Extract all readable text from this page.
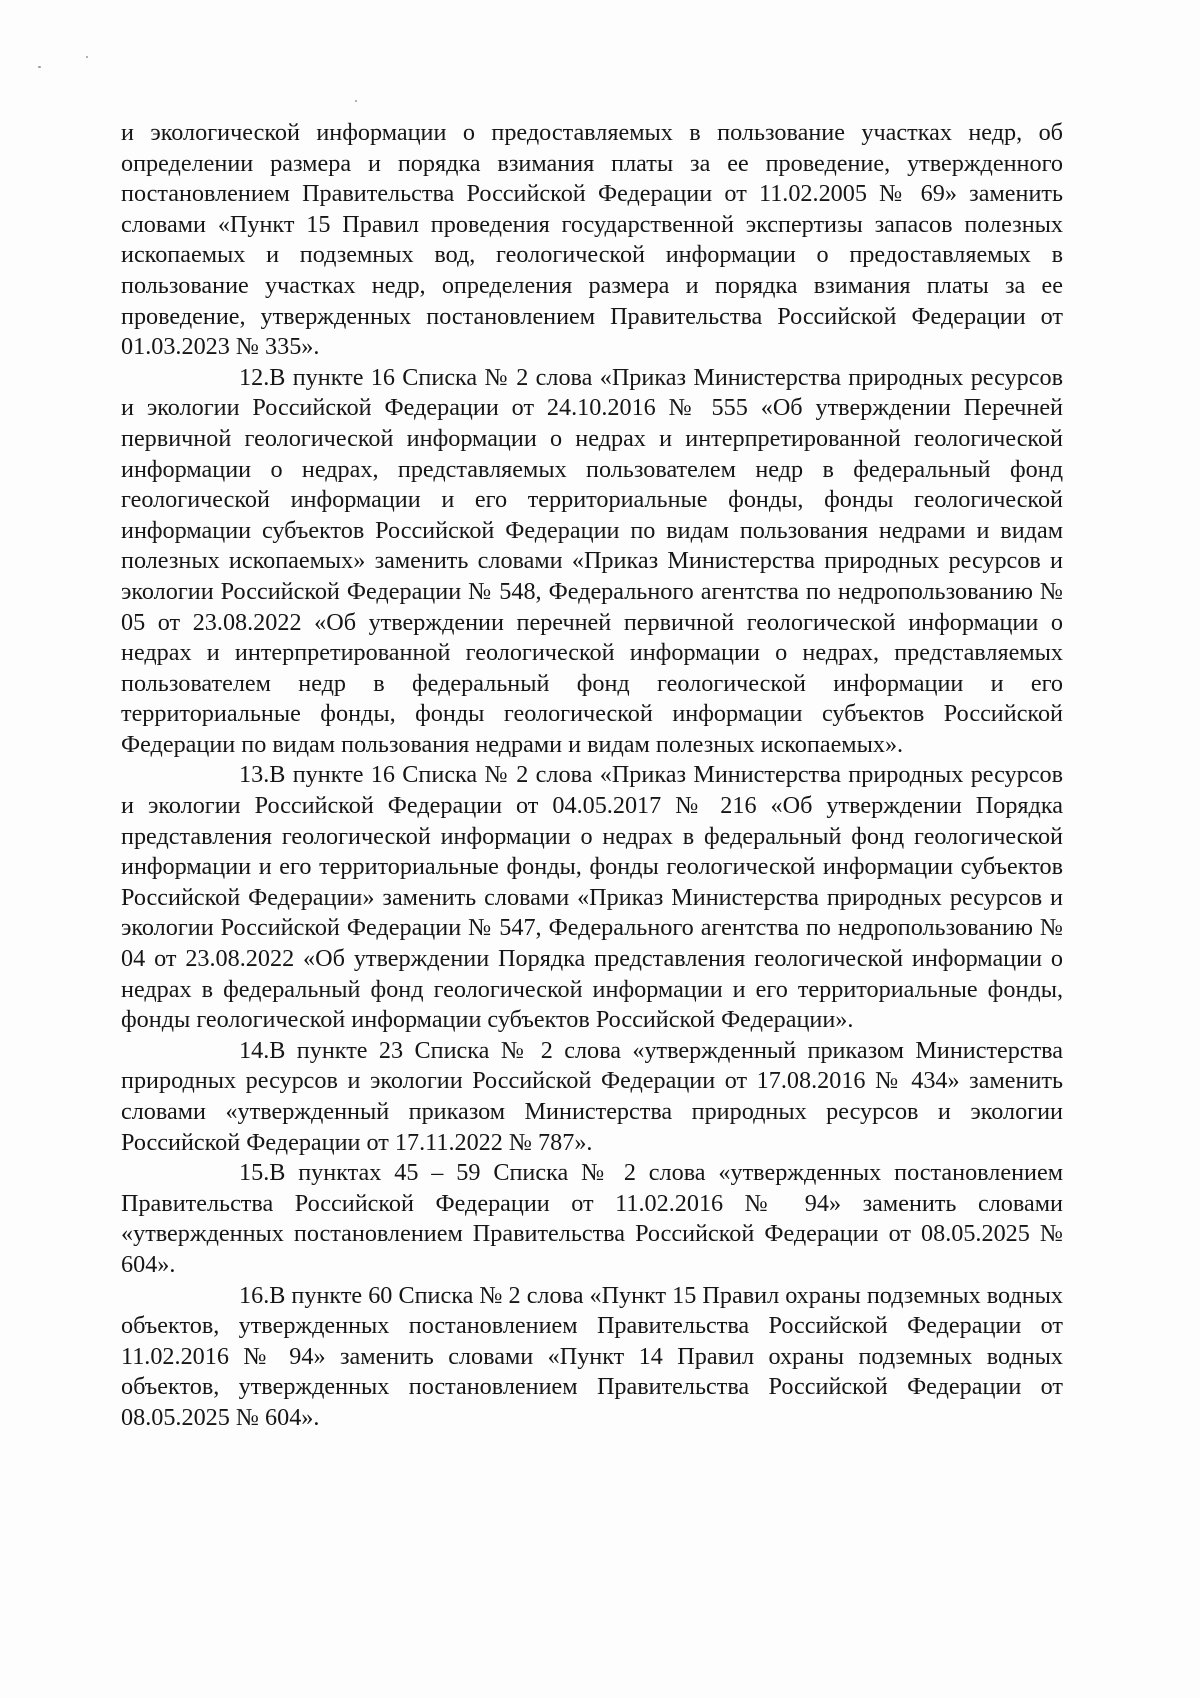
и экологической информации о предоставляемых в пользование участках недр, об определении размера и порядка взимания платы за ее проведение, утвержденного постановлением Правительства Российской Федерации от 11.02.2005 № 69» заменить словами «Пункт 15 Правил проведения государственной экспертизы запасов полезных ископаемых и подземных вод, геологической информации о предоставляемых в пользование участках недр, определения размера и порядка взимания платы за ее проведение, утвержденных постановлением Правительства Российской Федерации от 01.03.2023 № 335».

12.В пункте 16 Списка № 2 слова «Приказ Министерства природных ресурсов и экологии Российской Федерации от 24.10.2016 № 555 «Об утверждении Перечней первичной геологической информации о недрах и интерпретированной геологической информации о недрах, представляемых пользователем недр в федеральный фонд геологической информации и его территориальные фонды, фонды геологической информации субъектов Российской Федерации по видам пользования недрами и видам полезных ископаемых» заменить словами «Приказ Министерства природных ресурсов и экологии Российской Федерации № 548, Федерального агентства по недропользованию № 05 от 23.08.2022 «Об утверждении перечней первичной геологической информации о недрах и интерпретированной геологической информации о недрах, представляемых пользователем недр в федеральный фонд геологической информации и его территориальные фонды, фонды геологической информации субъектов Российской Федерации по видам пользования недрами и видам полезных ископаемых».

13.В пункте 16 Списка № 2 слова «Приказ Министерства природных ресурсов и экологии Российской Федерации от 04.05.2017 № 216 «Об утверждении Порядка представления геологической информации о недрах в федеральный фонд геологической информации и его территориальные фонды, фонды геологической информации субъектов Российской Федерации» заменить словами «Приказ Министерства природных ресурсов и экологии Российской Федерации № 547, Федерального агентства по недропользованию № 04 от 23.08.2022 «Об утверждении Порядка представления геологической информации о недрах в федеральный фонд геологической информации и его территориальные фонды, фонды геологической информации субъектов Российской Федерации».

14.В пункте 23 Списка № 2 слова «утвержденный приказом Министерства природных ресурсов и экологии Российской Федерации от 17.08.2016 № 434» заменить словами «утвержденный приказом Министерства природных ресурсов и экологии Российской Федерации от 17.11.2022 № 787».

15.В пунктах 45 – 59 Списка № 2 слова «утвержденных постановлением Правительства Российской Федерации от 11.02.2016 № 94» заменить словами «утвержденных постановлением Правительства Российской Федерации от 08.05.2025 № 604».

16.В пункте 60 Списка № 2 слова «Пункт 15 Правил охраны подземных водных объектов, утвержденных постановлением Правительства Российской Федерации от 11.02.2016 № 94» заменить словами «Пункт 14 Правил охраны подземных водных объектов, утвержденных постановлением Правительства Российской Федерации от 08.05.2025 № 604».
